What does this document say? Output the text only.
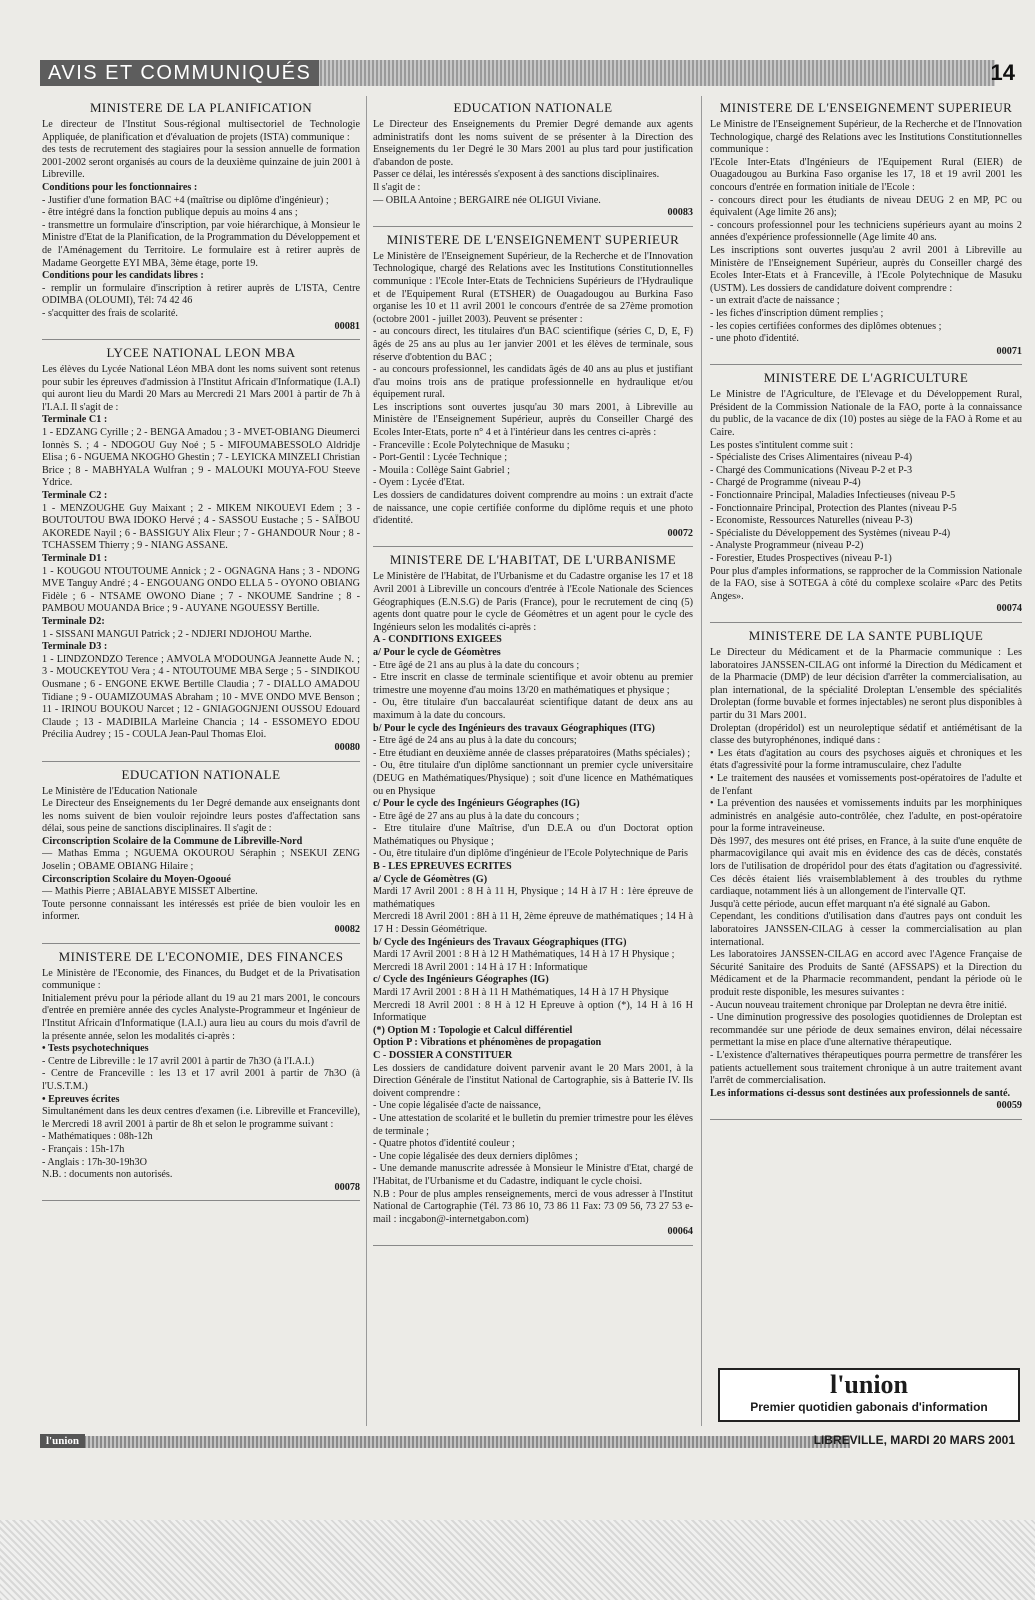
AVIS ET COMMUNIQUÉS	14
MINISTERE DE LA PLANIFICATION

Le directeur de l'Institut Sous-régional multisectoriel de Technologie Appliquée, de planification et d'évaluation de projets (ISTA) communique :

des tests de recrutement des stagiaires pour la session annuelle de formation 2001-2002 seront organisés au cours de la deuxième quinzaine de juin 2001 à Libreville.

Conditions pour les fonctionnaires :

- Justifier d'une formation BAC +4 (maîtrise ou diplôme d'ingénieur) ;

- être intégré dans la fonction publique depuis au moins 4 ans ;

- transmettre un formulaire d'inscription, par voie hiérarchique, à Monsieur le Ministre d'Etat de la Planification, de la Programmation du Développement et de l'Aménagement du Territoire. Le formulaire est à retirer auprès de Madame Georgette EYI MBA, 3ème étage, porte 19.

Conditions pour les candidats libres :

- remplir un formulaire d'inscription à retirer auprès de L'ISTA, Centre ODIMBA (OLOUMI), Tél: 74 42 46

- s'acquitter des frais de scolarité.

00081

LYCEE NATIONAL LEON MBA

Les élèves du Lycée National Léon MBA dont les noms suivent sont retenus pour subir les épreuves d'admission à l'Institut Africain d'Informatique (I.A.I) qui auront lieu du Mardi 20 Mars au Mercredi 21 Mars 2001 à partir de 7h à l'I.A.I. Il s'agit de :

Terminale C1 :

1 - EDZANG Cyrille ; 2 - BENGA Amadou ; 3 - MVET-OBIANG Dieumerci Ionnès S. ; 4 - NDOGOU Guy Noé ; 5 - MIFOUMABESSOLO Aldridje Elisa ; 6 - NGUEMA NKOGHO Ghestin ; 7 - LEYICKA MINZELI Christian Brice ; 8 - MABHYALA Wulfran ; 9 - MALOUKI MOUYA-FOU Steeve Ydrice.

Terminale C2 :

1 - MENZOUGHE Guy Maixant ; 2 - MIKEM NIKOUEVI Edem ; 3 - BOUTOUTOU BWA IDOKO Hervé ; 4 - SASSOU Eustache ; 5 - SAÏBOU AKOREDE Nayil ; 6 - BASSIGUY Alix Fleur ; 7 - GHANDOUR Nour ; 8 - TCHASSEM Thierry ; 9 - NIANG ASSANE.

Terminale D1 :

1 - KOUGOU NTOUTOUME Annick ; 2 - OGNAGNA Hans ; 3 - NDONG MVE Tanguy André ; 4 - ENGOUANG ONDO ELLA 5 - OYONO OBIANG Fidèle ; 6 - NTSAME OWONO Diane ; 7 - NKOUME Sandrine ; 8 - PAMBOU MOUANDA Brice ; 9 - AUYANE NGOUESSY Bertille.

Terminale D2:

1 - SISSANI MANGUI Patrick ; 2 - NDJERI NDJOHOU Marthe.

Terminale D3 :

1 - LINDZONDZO Terence ; AMVOLA M'ODOUNGA Jeannette Aude N. ; 3 - MOUCKEYTOU Vera ; 4 - NTOUTOUME MBA Serge ; 5 - SINDIKOU Ousmane ; 6 - ENGONE EKWE Bertille Claudia ; 7 - DIALLO AMADOU Tidiane ; 9 - OUAMIZOUMAS Abraham ; 10 - MVE ONDO MVE Benson ; 11 - IRINOU BOUKOU Narcet ; 12 - GNIAGOGNJENI OUSSOU Edouard Claude ; 13 - MADIBILA Marleine Chancia ; 14 - ESSOMEYO EDOU Précilia Audrey ; 15 - COULA Jean-Paul Thomas Eloi.

00080

EDUCATION NATIONALE

Le Ministère de l'Education Nationale

Le Directeur des Enseignements du 1er Degré demande aux enseignants dont les noms suivent de bien vouloir rejoindre leurs postes d'affectation sans délai, sous peine de sanctions disciplinaires. Il s'agit de :

Circonscription Scolaire de la Commune de Libreville-Nord

— Mathas Emma ; NGUEMA OKOUROU Séraphin ; NSEKUI ZENG Joselin ; OBAME OBIANG Hilaire ;

Circonscription Scolaire du Moyen-Ogooué

— Mathis Pierre ; ABIALABYE MISSET Albertine.

Toute personne connaissant les intéressés est priée de bien vouloir les en informer.

00082

MINISTERE DE L'ECONOMIE, DES FINANCES

Le Ministère de l'Economie, des Finances, du Budget et de la Privatisation communique :

Initialement prévu pour la période allant du 19 au 21 mars 2001, le concours d'entrée en première année des cycles Analyste-Programmeur et Ingénieur de l'Institut Africain d'Informatique (I.A.I.) aura lieu au cours du mois d'avril de la présente année, selon les modalités ci-après :

• Tests psychotechniques

- Centre de Libreville : le 17 avril 2001 à partir de 7h3O (à l'I.A.I.)

- Centre de Franceville : les 13 et 17 avril 2001 à partir de 7h3O (à l'U.S.T.M.)

• Epreuves écrites

Simultanément dans les deux centres d'examen (i.e. Libreville et Franceville), le Mercredi 18 avril 2001 à partir de 8h et selon le programme suivant :

- Mathématiques : 08h-12h

- Français : 15h-17h

- Anglais : 17h-30-19h3O

N.B. : documents non autorisés.

00078

EDUCATION NATIONALE

Le Directeur des Enseignements du Premier Degré demande aux agents administratifs dont les noms suivent de se présenter à la Direction des Enseignements du 1er Degré le 30 Mars 2001 au plus tard pour justification d'abandon de poste.

Passer ce délai, les intéressés s'exposent à des sanctions disciplinaires.

Il s'agit de :

— OBILA Antoine ; BERGAIRE née OLIGUI Viviane.

00083

MINISTERE DE L'ENSEIGNEMENT SUPERIEUR

Le Ministère de l'Enseignement Supérieur, de la Recherche et de l'Innovation Technologique, chargé des Relations avec les Institutions Constitutionnelles communique : l'Ecole Inter-Etats de Techniciens Supérieurs de l'Hydraulique et de l'Equipement Rural (ETSHER) de Ouagadougou au Burkina Faso organise les 10 et 11 avril 2001 le concours d'entrée de sa 27ème promotion (octobre 2001 - juillet 2003). Peuvent se présenter :

- au concours direct, les titulaires d'un BAC scientifique (séries C, D, E, F) âgés de 25 ans au plus au 1er janvier 2001 et les élèves de terminale, sous réserve d'obtention du BAC ;

- au concours professionnel, les candidats âgés de 40 ans au plus et justifiant d'au moins trois ans de pratique professionnelle en hydraulique et/ou équipement rural.

Les inscriptions sont ouvertes jusqu'au 30 mars 2001, à Libreville au Ministère de l'Enseignement Supérieur, auprès du Conseiller Chargé des Ecoles Inter-Etats, porte n° 4 et à l'intérieur dans les centres ci-après :

- Franceville : Ecole Polytechnique de Masuku ;

- Port-Gentil : Lycée Technique ;

- Mouila : Collège Saint Gabriel ;

- Oyem : Lycée d'Etat.

Les dossiers de candidatures doivent comprendre au moins : un extrait d'acte de naissance, une copie certifiée conforme du diplôme requis et une photo d'identité.

00072

MINISTERE DE L'HABITAT, DE L'URBANISME

Le Ministère de l'Habitat, de l'Urbanisme et du Cadastre organise les 17 et 18 Avril 2001 à Libreville un concours d'entrée à l'Ecole Nationale des Sciences Géographiques (E.N.S.G) de Paris (France), pour le recrutement de cinq (5) agents dont quatre pour le cycle de Géomètres et un agent pour le cycle des Ingénieurs selon les modalités ci-après :

A - CONDITIONS EXIGEES

a/ Pour le cycle de Géomètres

- Etre âgé de 21 ans au plus à la date du concours ;

- Etre inscrit en classe de terminale scientifique et avoir obtenu au premier trimestre une moyenne d'au moins 13/20 en mathématiques et physique ;

- Ou, être titulaire d'un baccalauréat scientifique datant de deux ans au maximum à la date du concours.

b/ Pour le cycle des Ingénieurs des travaux Géographiques (ITG)

- Etre âgé de 24 ans au plus à la date du concours;

- Etre étudiant en deuxième année de classes préparatoires (Maths spéciales) ;

- Ou, être titulaire d'un diplôme sanctionnant un premier cycle universitaire (DEUG en Mathématiques/Physique) ; soit d'une licence en Mathématiques ou en Physique

c/ Pour le cycle des Ingénieurs Géographes (IG)

- Etre âgé de 27 ans au plus à la date du concours ;

- Etre titulaire d'une Maîtrise, d'un D.E.A ou d'un Doctorat option Mathématiques ou Physique ;

- Ou, être titulaire d'un diplôme d'ingénieur de l'Ecole Polytechnique de Paris

B - LES EPREUVES ECRITES

a/ Cycle de Géomètres (G)

Mardi 17 Avril 2001 : 8 H à 11 H, Physique ; 14 H à l7 H : 1ère épreuve de mathématiques

Mercredi 18 Avril 2001 : 8H à 11 H, 2ème épreuve de mathématiques ; 14 H à 17 H : Dessin Géométrique.

b/ Cycle des Ingénieurs des Travaux Géographiques (ITG)

Mardi 17 Avril 2001 : 8 H à 12 H Mathématiques, 14 H à 17 H Physique ;

Mercredi 18 Avril 2001 : 14 H à 17 H : Informatique

c/ Cycle des Ingénieurs Géographes (IG)

Mardi 17 Avril 2001 : 8 H à 11 H Mathématiques, 14 H à 17 H Physique

Mercredi 18 Avril 2001 : 8 H à 12 H Epreuve à option (*), 14 H à 16 H Informatique

(*) Option M : Topologie et Calcul différentiel

Option P : Vibrations et phénomènes de propagation

C - DOSSIER A CONSTITUER

Les dossiers de candidature doivent parvenir avant le 20 Mars 2001, à la Direction Générale de l'institut National de Cartographie, sis à Batterie IV. Ils doivent comprendre :

- Une copie légalisée d'acte de naissance,

- Une attestation de scolarité et le bulletin du premier trimestre pour les élèves de terminale ;

- Quatre photos d'identité couleur ;

- Une copie légalisée des deux derniers diplômes ;

- Une demande manuscrite adressée à Monsieur le Ministre d'Etat, chargé de l'Habitat, de l'Urbanisme et du Cadastre, indiquant le cycle choisi.

N.B : Pour de plus amples renseignements, merci de vous adresser à l'Institut National de Cartographie (Tél. 73 86 10, 73 86 11 Fax: 73 09 56, 73 27 53 e-mail : incgabon@-internetgabon.com)

00064

MINISTERE DE L'ENSEIGNEMENT SUPERIEUR

Le Ministre de l'Enseignement Supérieur, de la Recherche et de l'Innovation Technologique, chargé des Relations avec les Institutions Constitutionnelles communique :

l'Ecole Inter-Etats d'Ingénieurs de l'Equipement Rural (EIER) de Ouagadougou au Burkina Faso organise les 17, 18 et 19 avril 2001 les concours d'entrée en formation initiale de l'Ecole :

- concours direct pour les étudiants de niveau DEUG 2 en MP, PC ou équivalent (Age limite 26 ans);

- concours professionnel pour les techniciens supérieurs ayant au moins 2 années d'expérience professionnelle (Age limite 40 ans.

Les inscriptions sont ouvertes jusqu'au 2 avril 2001 à Libreville au Ministère de l'Enseignement Supérieur, auprès du Conseiller chargé des Ecoles Inter-Etats et à Franceville, à l'Ecole Polytechnique de Masuku (USTM). Les dossiers de candidature doivent comprendre :

- un extrait d'acte de naissance ;

- les fiches d'inscription dûment remplies ;

- les copies certifiées conformes des diplômes obtenues ;

- une photo d'identité.

00071

MINISTERE DE L'AGRICULTURE

Le Ministre de l'Agriculture, de l'Elevage et du Développement Rural, Président de la Commission Nationale de la FAO, porte à la connaissance du public, de la vacance de dix (10) postes au siège de la FAO à Rome et au Caire.

Les postes s'intitulent comme suit :

- Spécialiste des Crises Alimentaires (niveau P-4)

- Chargé des Communications (Niveau P-2 et P-3

- Chargé de Programme (niveau P-4)

- Fonctionnaire Principal, Maladies Infectieuses (niveau P-5

- Fonctionnaire Principal, Protection des Plantes (niveau P-5

- Economiste, Ressources Naturelles (niveau P-3)

- Spécialiste du Développement des Systèmes (niveau P-4)

- Analyste Programmeur (niveau P-2)

- Forestier, Etudes Prospectives (niveau P-1)

Pour plus d'amples informations, se rapprocher de la Commission Nationale de la FAO, sise à SOTEGA à côté du complexe scolaire «Parc des Petits Anges».

00074

MINISTERE DE LA SANTE PUBLIQUE

Le Directeur du Médicament et de la Pharmacie communique : Les laboratoires JANSSEN-CILAG ont informé la Direction du Médicament et de la Pharmacie (DMP) de leur décision d'arrêter la commercialisation, au plan international, de la spécialité Droleptan L'ensemble des spécialités Droleptan (forme buvable et formes injectables) ne seront plus disponibles à partir du 31 Mars 2001.

Droleptan (dropéridol) est un neuroleptique sédatif et antiémétisant de la classe des butyrophénones, indiqué dans :

• Les états d'agitation au cours des psychoses aiguës et chroniques et les états d'agressivité pour la forme intramusculaire, chez l'adulte

• Le traitement des nausées et vomissements post-opératoires de l'adulte et de l'enfant

• La prévention des nausées et vomissements induits par les morphiniques administrés en analgésie auto-contrôlée, chez l'adulte, en post-opératoire pour la forme intraveineuse.

Dès 1997, des mesures ont été prises, en France, à la suite d'une enquête de pharmacovigilance qui avait mis en évidence des cas de décès, constatés lors de l'utilisation de dropéridol pour des états d'agitation ou d'agressivité. Ces décès étaient liés vraisemblablement à des troubles du rythme cardiaque, notamment liés à un allongement de l'intervalle QT.

Jusqu'à cette période, aucun effet marquant n'a été signalé au Gabon.

Cependant, les conditions d'utilisation dans d'autres pays ont conduit les laboratoires JANSSEN-CILAG à cesser la commercialisation au plan international.

Les laboratoires JANSSEN-CILAG en accord avec l'Agence Française de Sécurité Sanitaire des Produits de Santé (AFSSAPS) et la Direction du Médicament et de la Pharmacie recommandent, pendant la période où le produit reste disponible, les mesures suivantes :

- Aucun nouveau traitement chronique par Droleptan ne devra être initié.

- Une diminution progressive des posologies quotidiennes de Droleptan est recommandée sur une période de deux semaines environ, délai nécessaire permettant la mise en place d'une alternative thérapeutique.

- L'existence d'alternatives thérapeutiques pourra permettre de transférer les patients actuellement sous traitement chronique à un autre traitement avant l'arrêt de commercialisation.

Les informations ci-dessus sont destinées aux professionnels de santé.

00059

l'union
Premier quotidien gabonais d'information
l'union	LIBREVILLE, MARDI 20 MARS 2001
